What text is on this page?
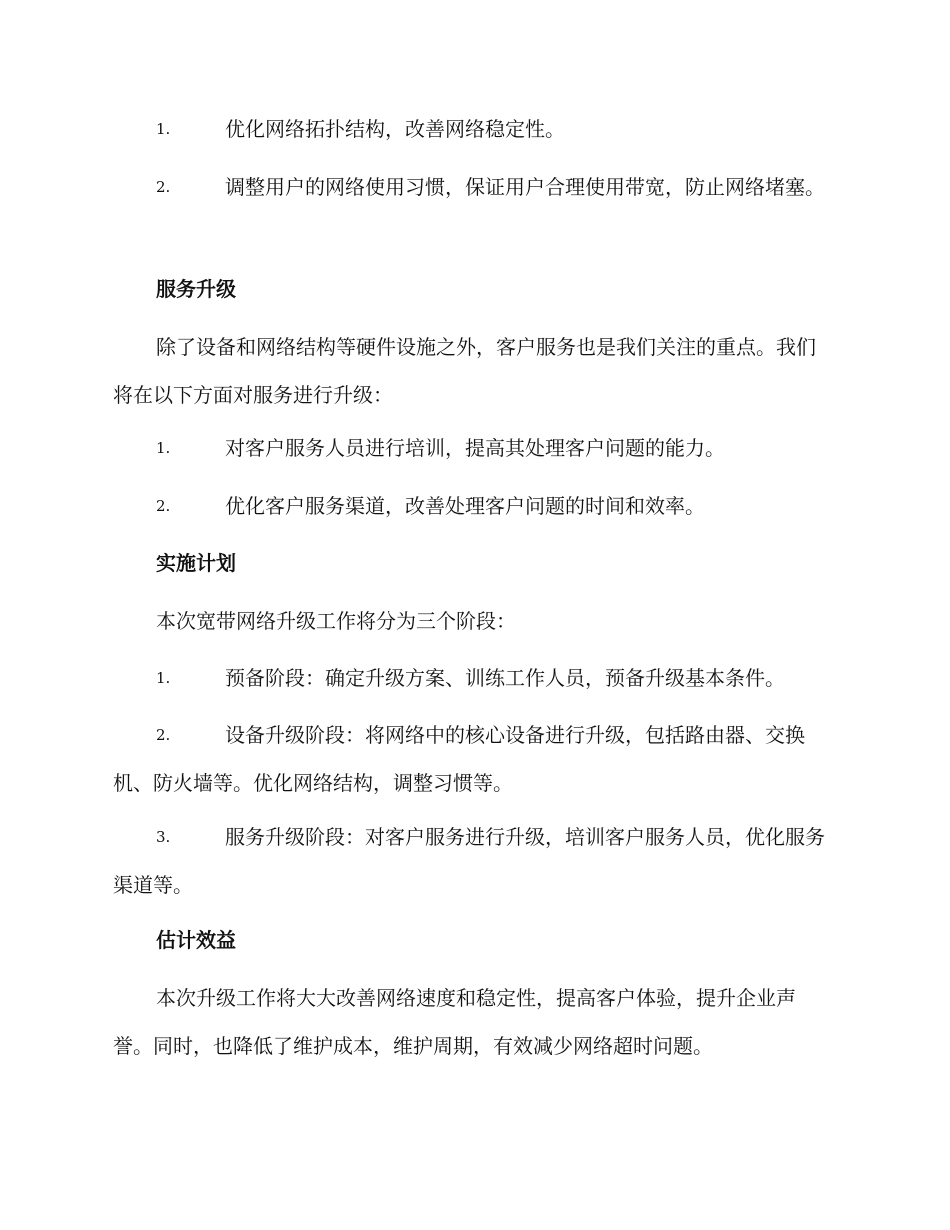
1.	优化网络拓扑结构，改善网络稳定性。
2.	调整用户的网络使用习惯，保证用户合理使用带宽，防止网络堵塞。
服务升级
除了设备和网络结构等硬件设施之外，客户服务也是我们关注的重点。我们将在以下方面对服务进行升级：
1.	对客户服务人员进行培训，提高其处理客户问题的能力。
2.	优化客户服务渠道，改善处理客户问题的时间和效率。
实施计划
本次宽带网络升级工作将分为三个阶段：
1.	预备阶段：确定升级方案、训练工作人员，预备升级基本条件。
2.	设备升级阶段：将网络中的核心设备进行升级，包括路由器、交换机、防火墙等。优化网络结构，调整习惯等。
3.	服务升级阶段：对客户服务进行升级，培训客户服务人员，优化服务渠道等。
估计效益
本次升级工作将大大改善网络速度和稳定性，提高客户体验，提升企业声誉。同时，也降低了维护成本，维护周期，有效减少网络超时问题。
